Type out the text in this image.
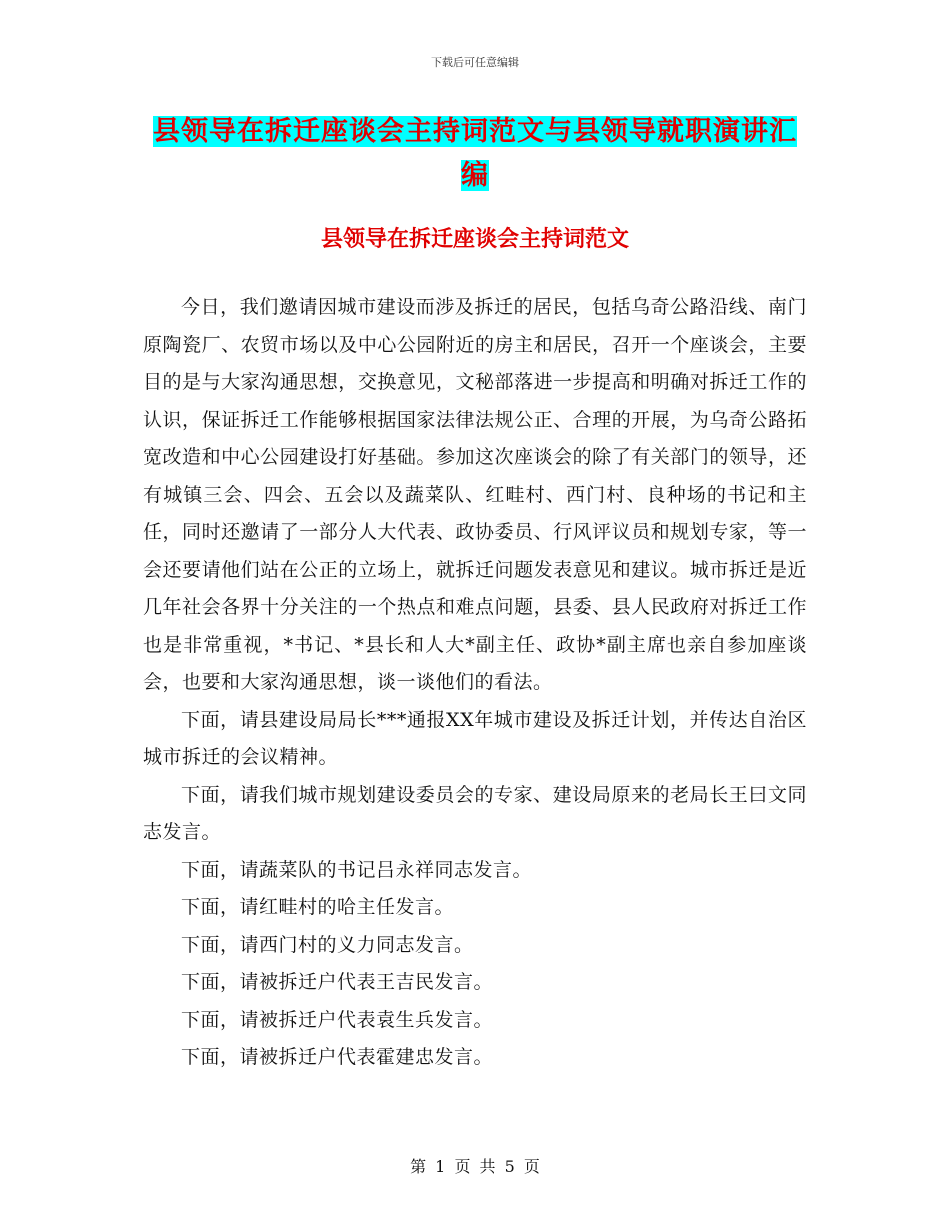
下载后可任意编辑
县领导在拆迁座谈会主持词范文与县领导就职演讲汇编
县领导在拆迁座谈会主持词范文

今日，我们邀请因城市建设而涉及拆迁的居民，包括乌奇公路沿线、南门原陶瓷厂、农贸市场以及中心公园附近的房主和居民，召开一个座谈会，主要目的是与大家沟通思想，交换意见，文秘部落进一步提高和明确对拆迁工作的认识，保证拆迁工作能够根据国家法律法规公正、合理的开展，为乌奇公路拓宽改造和中心公园建设打好基础。参加这次座谈会的除了有关部门的领导，还有城镇三会、四会、五会以及蔬菜队、红畦村、西门村、良种场的书记和主任，同时还邀请了一部分人大代表、政协委员、行风评议员和规划专家，等一会还要请他们站在公正的立场上，就拆迁问题发表意见和建议。城市拆迁是近几年社会各界十分关注的一个热点和难点问题，县委、县人民政府对拆迁工作也是非常重视，*书记、*县长和人大*副主任、政协*副主席也亲自参加座谈会，也要和大家沟通思想，谈一谈他们的看法。

下面，请县建设局局长***通报XX年城市建设及拆迁计划，并传达自治区城市拆迁的会议精神。

下面，请我们城市规划建设委员会的专家、建设局原来的老局长王曰文同志发言。

下面，请蔬菜队的书记吕永祥同志发言。

下面，请红畦村的哈主任发言。

下面，请西门村的义力同志发言。

下面，请被拆迁户代表王吉民发言。

下面，请被拆迁户代表袁生兵发言。

下面，请被拆迁户代表霍建忠发言。

第 1 页 共 5 页
